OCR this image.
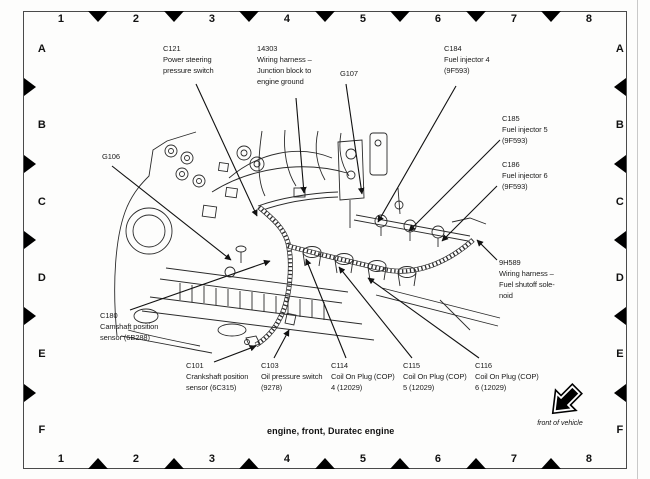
1	2	3	4	5	6	7	8
1	2	3	4	5	6	7	8
A
B
C
D
E
F
A
B
C
D
E
F
C121
Power steering
pressure switch
14303
Wiring harness –
Junction block to
engine ground
G107
C184
Fuel injector 4
(9F593)
C185
Fuel injector 5
(9F593)
C186
Fuel injector 6
(9F593)
9H589
Wiring harness –
Fuel shutoff sole-
noid
G106
C180
Camshaft position
sensor (6B288)
C101
Crankshaft position
sensor (6C315)
C103
Oil pressure switch
(9278)
C114
Coil On Plug (COP)
4 (12029)
C115
Coil On Plug (COP)
5 (12029)
C116
Coil On Plug (COP)
6 (12029)
engine, front, Duratec engine
front of vehicle
